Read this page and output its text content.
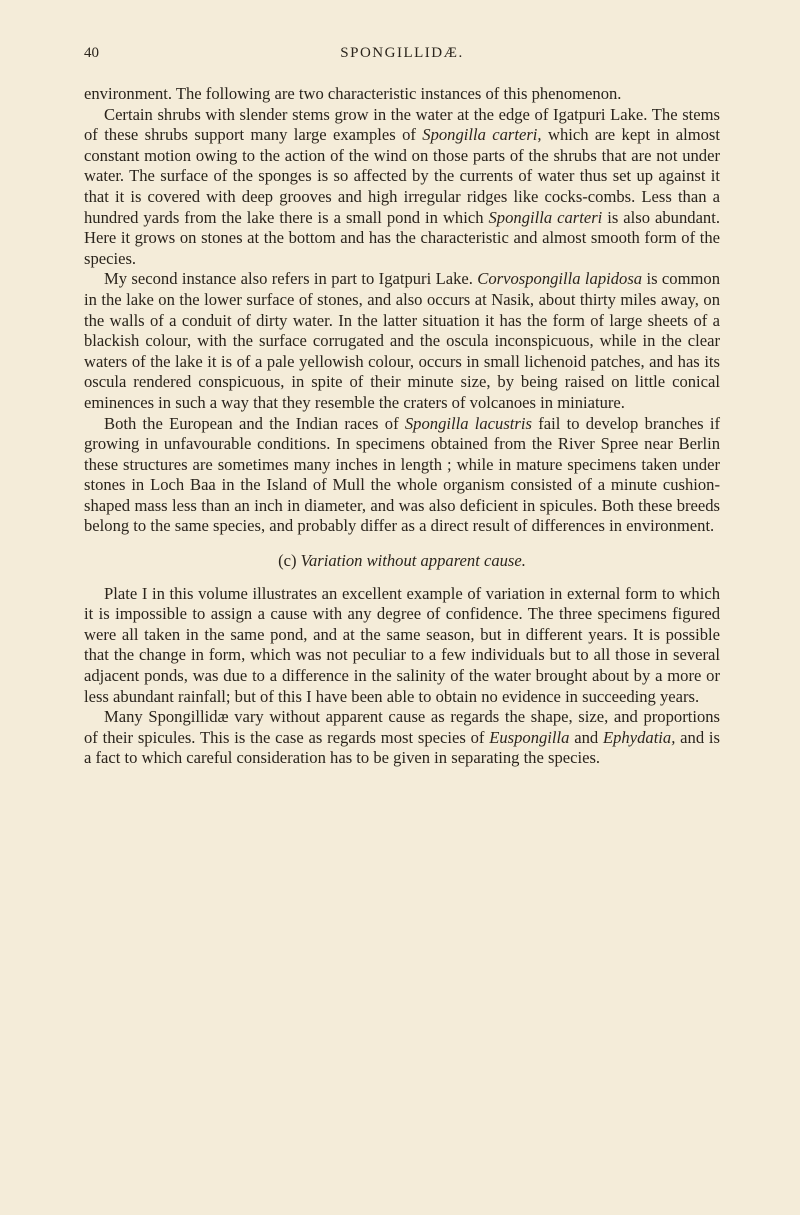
40	SPONGILLIDÆ.

environment. The following are two characteristic instances of this phenomenon.

Certain shrubs with slender stems grow in the water at the edge of Igatpuri Lake. The stems of these shrubs support many large examples of Spongilla carteri, which are kept in almost constant motion owing to the action of the wind on those parts of the shrubs that are not under water. The surface of the sponges is so affected by the currents of water thus set up against it that it is covered with deep grooves and high irregular ridges like cocks-combs. Less than a hundred yards from the lake there is a small pond in which Spongilla carteri is also abundant. Here it grows on stones at the bottom and has the characteristic and almost smooth form of the species.

My second instance also refers in part to Igatpuri Lake. Corvospongilla lapidosa is common in the lake on the lower surface of stones, and also occurs at Nasik, about thirty miles away, on the walls of a conduit of dirty water. In the latter situation it has the form of large sheets of a blackish colour, with the surface corrugated and the oscula inconspicuous, while in the clear waters of the lake it is of a pale yellowish colour, occurs in small lichenoid patches, and has its oscula rendered conspicuous, in spite of their minute size, by being raised on little conical eminences in such a way that they resemble the craters of volcanoes in miniature.

Both the European and the Indian races of Spongilla lacustris fail to develop branches if growing in unfavourable conditions. In specimens obtained from the River Spree near Berlin these structures are sometimes many inches in length ; while in mature specimens taken under stones in Loch Baa in the Island of Mull the whole organism consisted of a minute cushion-shaped mass less than an inch in diameter, and was also deficient in spicules. Both these breeds belong to the same species, and probably differ as a direct result of differences in environment.

(c) Variation without apparent cause.

Plate I in this volume illustrates an excellent example of variation in external form to which it is impossible to assign a cause with any degree of confidence. The three specimens figured were all taken in the same pond, and at the same season, but in different years. It is possible that the change in form, which was not peculiar to a few individuals but to all those in several adjacent ponds, was due to a difference in the salinity of the water brought about by a more or less abundant rainfall; but of this I have been able to obtain no evidence in succeeding years.

Many Spongillidæ vary without apparent cause as regards the shape, size, and proportions of their spicules. This is the case as regards most species of Euspongilla and Ephydatia, and is a fact to which careful consideration has to be given in separating the species.
